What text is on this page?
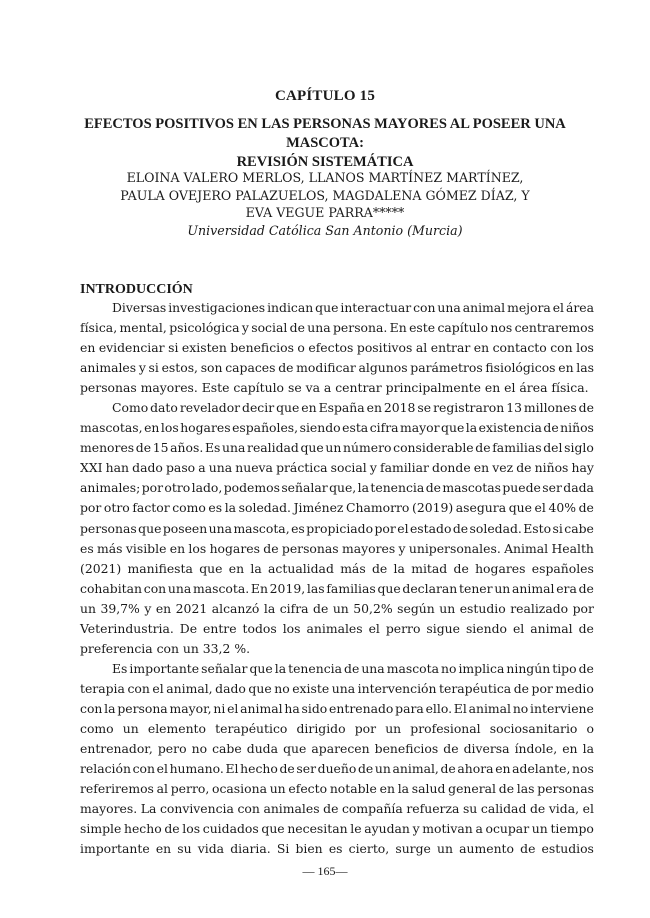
CAPÍTULO 15
EFECTOS POSITIVOS EN LAS PERSONAS MAYORES AL POSEER UNA MASCOTA:
REVISIÓN SISTEMÁTICA
ELOINA VALERO MERLOS, LLANOS MARTÍNEZ MARTÍNEZ,
PAULA OVEJERO PALAZUELOS, MAGDALENA GÓMEZ DÍAZ, Y
EVA VEGUE PARRA*****
Universidad Católica San Antonio (Murcia)
INTRODUCCIÓN
Diversas investigaciones indican que interactuar con una animal mejora el área
física, mental, psicológica y social de una persona. En este capítulo nos centraremos
en evidenciar si existen beneficios o efectos positivos al entrar en contacto con los
animales y si estos, son capaces de modificar algunos parámetros fisiológicos en las
personas mayores. Este capítulo se va a centrar principalmente en el área física.
Como dato revelador decir que en España en 2018 se registraron 13 millones de
mascotas, en los hogares españoles, siendo esta cifra mayor que la existencia de niños
menores de 15 años. Es una realidad que un número considerable de familias del siglo
XXI han dado paso a una nueva práctica social y familiar donde en vez de niños hay
animales; por otro lado, podemos señalar que, la tenencia de mascotas puede ser dada
por otro factor como es la soledad. Jiménez Chamorro (2019) asegura que el 40% de
personas que poseen una mascota, es propiciado por el estado de soledad. Esto si cabe
es más visible en los hogares de personas mayores y unipersonales. Animal Health
(2021) manifiesta que en la actualidad más de la mitad de hogares españoles
cohabitan con una mascota. En 2019, las familias que declaran tener un animal era de
un 39,7% y en 2021 alcanzó la cifra de un 50,2% según un estudio realizado por
Veterindustria. De entre todos los animales el perro sigue siendo el animal de
preferencia con un 33,2 %.
Es importante señalar que la tenencia de una mascota no implica ningún tipo de
terapia con el animal, dado que no existe una intervención terapéutica de por medio
con la persona mayor, ni el animal ha sido entrenado para ello. El animal no interviene
como un elemento terapéutico dirigido por un profesional sociosanitario o
entrenador, pero no cabe duda que aparecen beneficios de diversa índole, en la
relación con el humano. El hecho de ser dueño de un animal, de ahora en adelante, nos
referiremos al perro, ocasiona un efecto notable en la salud general de las personas
mayores. La convivencia con animales de compañía refuerza su calidad de vida, el
simple hecho de los cuidados que necesitan le ayudan y motivan a ocupar un tiempo
importante en su vida diaria. Si bien es cierto, surge un aumento de estudios
— 165—
